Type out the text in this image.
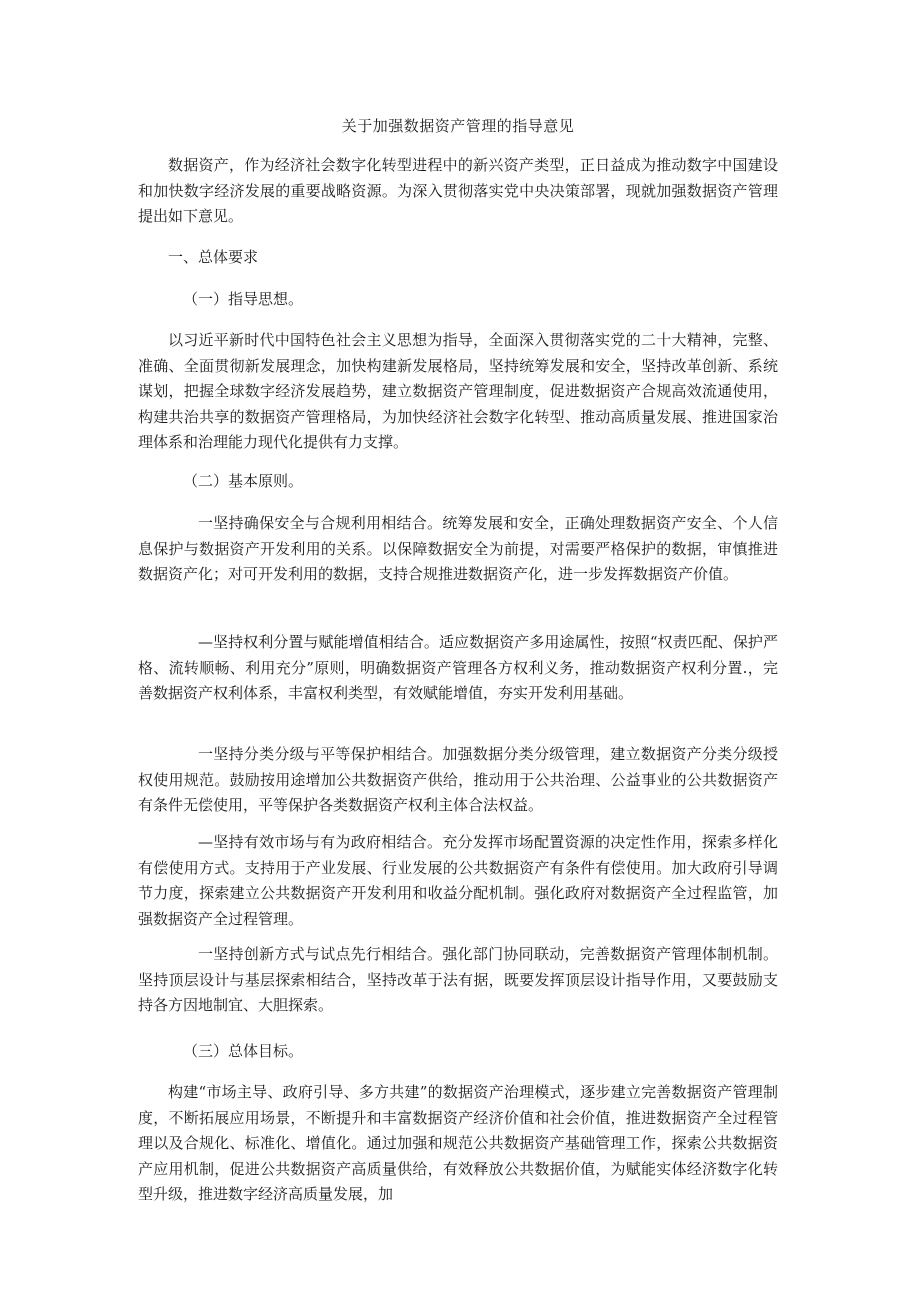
关于加强数据资产管理的指导意见

数据资产，作为经济社会数字化转型进程中的新兴资产类型，正日益成为推动数字中国建设和加快数字经济发展的重要战略资源。为深入贯彻落实党中央决策部署，现就加强数据资产管理提出如下意见。

一、总体要求

（一）指导思想。

以习近平新时代中国特色社会主义思想为指导，全面深入贯彻落实党的二十大精神，完整、准确、全面贯彻新发展理念，加快构建新发展格局，坚持统筹发展和安全，坚持改革创新、系统谋划，把握全球数字经济发展趋势，建立数据资产管理制度，促进数据资产合规高效流通使用，构建共治共享的数据资产管理格局，为加快经济社会数字化转型、推动高质量发展、推进国家治理体系和治理能力现代化提供有力支撑。

（二）基本原则。

一坚持确保安全与合规利用相结合。统筹发展和安全，正确处理数据资产安全、个人信息保护与数据资产开发利用的关系。以保障数据安全为前提，对需要严格保护的数据，审慎推进数据资产化；对可开发利用的数据，支持合规推进数据资产化，进一步发挥数据资产价值。

—坚持权利分置与赋能增值相结合。适应数据资产多用途属性，按照“权责匹配、保护严格、流转顺畅、利用充分”原则，明确数据资产管理各方权利义务，推动数据资产权利分置.，完善数据资产权利体系，丰富权利类型，有效赋能增值，夯实开发利用基础。

一坚持分类分级与平等保护相结合。加强数据分类分级管理，建立数据资产分类分级授权使用规范。鼓励按用途增加公共数据资产供给，推动用于公共治理、公益事业的公共数据资产有条件无偿使用，平等保护各类数据资产权利主体合法权益。

—坚持有效市场与有为政府相结合。充分发挥市场配置资源的决定性作用，探索多样化有偿使用方式。支持用于产业发展、行业发展的公共数据资产有条件有偿使用。加大政府引导调节力度，探索建立公共数据资产开发利用和收益分配机制。强化政府对数据资产全过程监管，加强数据资产全过程管理。

一坚持创新方式与试点先行相结合。强化部门协同联动，完善数据资产管理体制机制。坚持顶层设计与基层探索相结合，坚持改革于法有据，既要发挥顶层设计指导作用，又要鼓励支持各方因地制宜、大胆探索。

（三）总体目标。

构建“市场主导、政府引导、多方共建”的数据资产治理模式，逐步建立完善数据资产管理制度，不断拓展应用场景，不断提升和丰富数据资产经济价值和社会价值，推进数据资产全过程管理以及合规化、标准化、增值化。通过加强和规范公共数据资产基础管理工作，探索公共数据资产应用机制，促进公共数据资产高质量供给，有效释放公共数据价值，为赋能实体经济数字化转型升级，推进数字经济高质量发展，加
